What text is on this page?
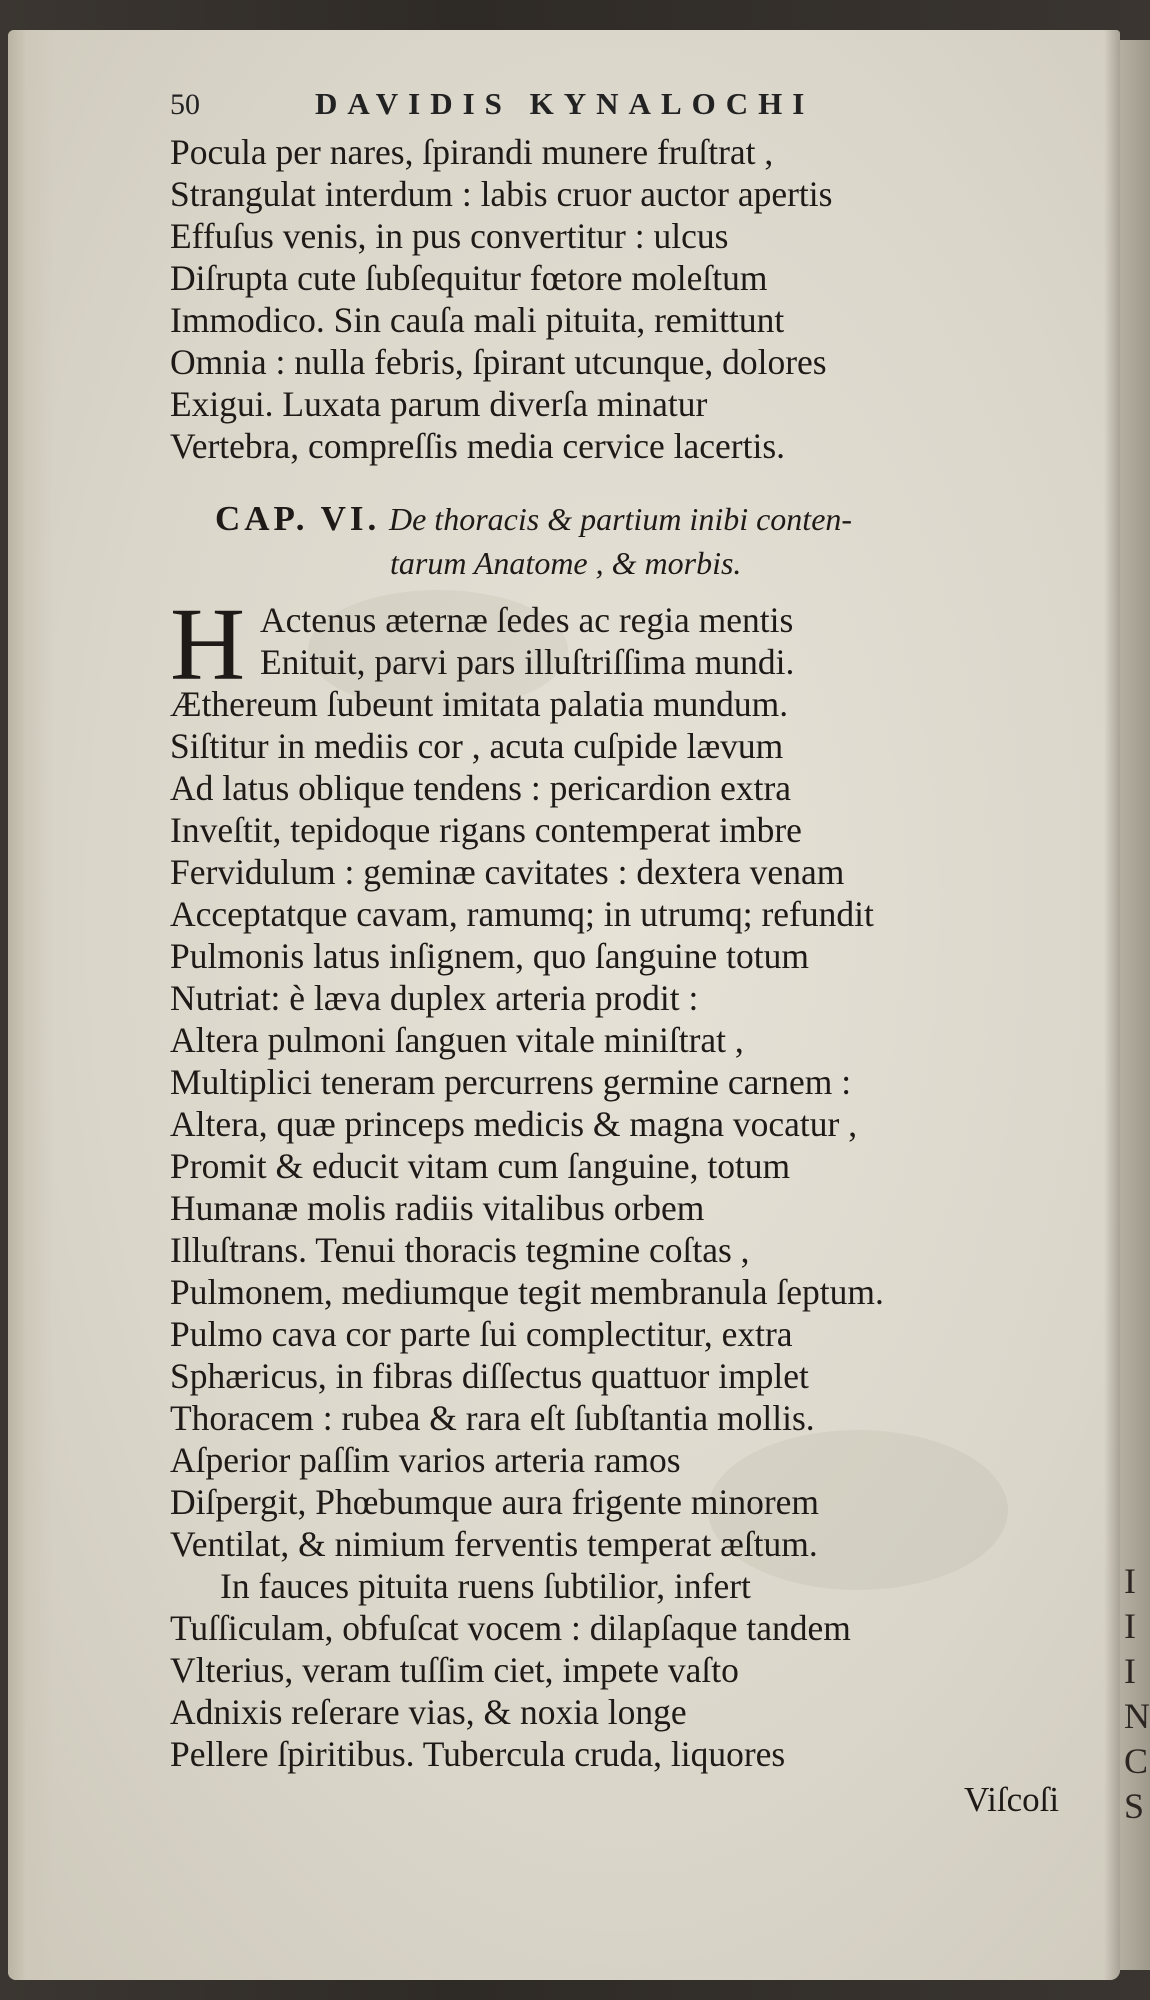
I
I
I
N
C
S
50	DAVIDIS KYNALOCHI
Pocula per nares, ſpirandi munere fruſtrat ,
Strangulat interdum : labis cruor auctor apertis
Effuſus venis, in pus convertitur : ulcus
Diſrupta cute ſubſequitur fœtore moleſtum
Immodico. Sin cauſa mali pituita, remittunt
Omnia : nulla febris, ſpirant utcunque, dolores
Exigui. Luxata parum diverſa minatur
Vertebra, compreſſis media cervice lacertis.
CAP. VI. De thoracis & partium inibi conten-
tarum Anatome , & morbis.
H Actenus æternæ ſedes ac regia mentis
Enituit, parvi pars illuſtriſſima mundi.
Æthereum ſubeunt imitata palatia mundum.
Siſtitur in mediis cor , acuta cuſpide lævum
Ad latus oblique tendens : pericardion extra
Inveſtit, tepidoque rigans contemperat imbre
Fervidulum : geminæ cavitates : dextera venam
Acceptatque cavam, ramumq; in utrumq; refundit
Pulmonis latus inſignem, quo ſanguine totum
Nutriat: è læva duplex arteria prodit :
Altera pulmoni ſanguen vitale miniſtrat ,
Multiplici teneram percurrens germine carnem :
Altera, quæ princeps medicis & magna vocatur ,
Promit & educit vitam cum ſanguine, totum
Humanæ molis radiis vitalibus orbem
Illuſtrans. Tenui thoracis tegmine coſtas ,
Pulmonem, mediumque tegit membranula ſeptum.
Pulmo cava cor parte ſui complectitur, extra
Sphæricus, in fibras diſſectus quattuor implet
Thoracem : rubea & rara eſt ſubſtantia mollis.
Aſperior paſſim varios arteria ramos
Diſpergit, Phœbumque aura frigente minorem
Ventilat, & nimium ferventis temperat æſtum.
In fauces pituita ruens ſubtilior, infert
Tuſſiculam, obfuſcat vocem : dilapſaque tandem
Vlterius, veram tuſſim ciet, impete vaſto
Adnixis reſerare vias, & noxia longe
Pellere ſpiritibus. Tubercula cruda, liquores
Viſcoſi
